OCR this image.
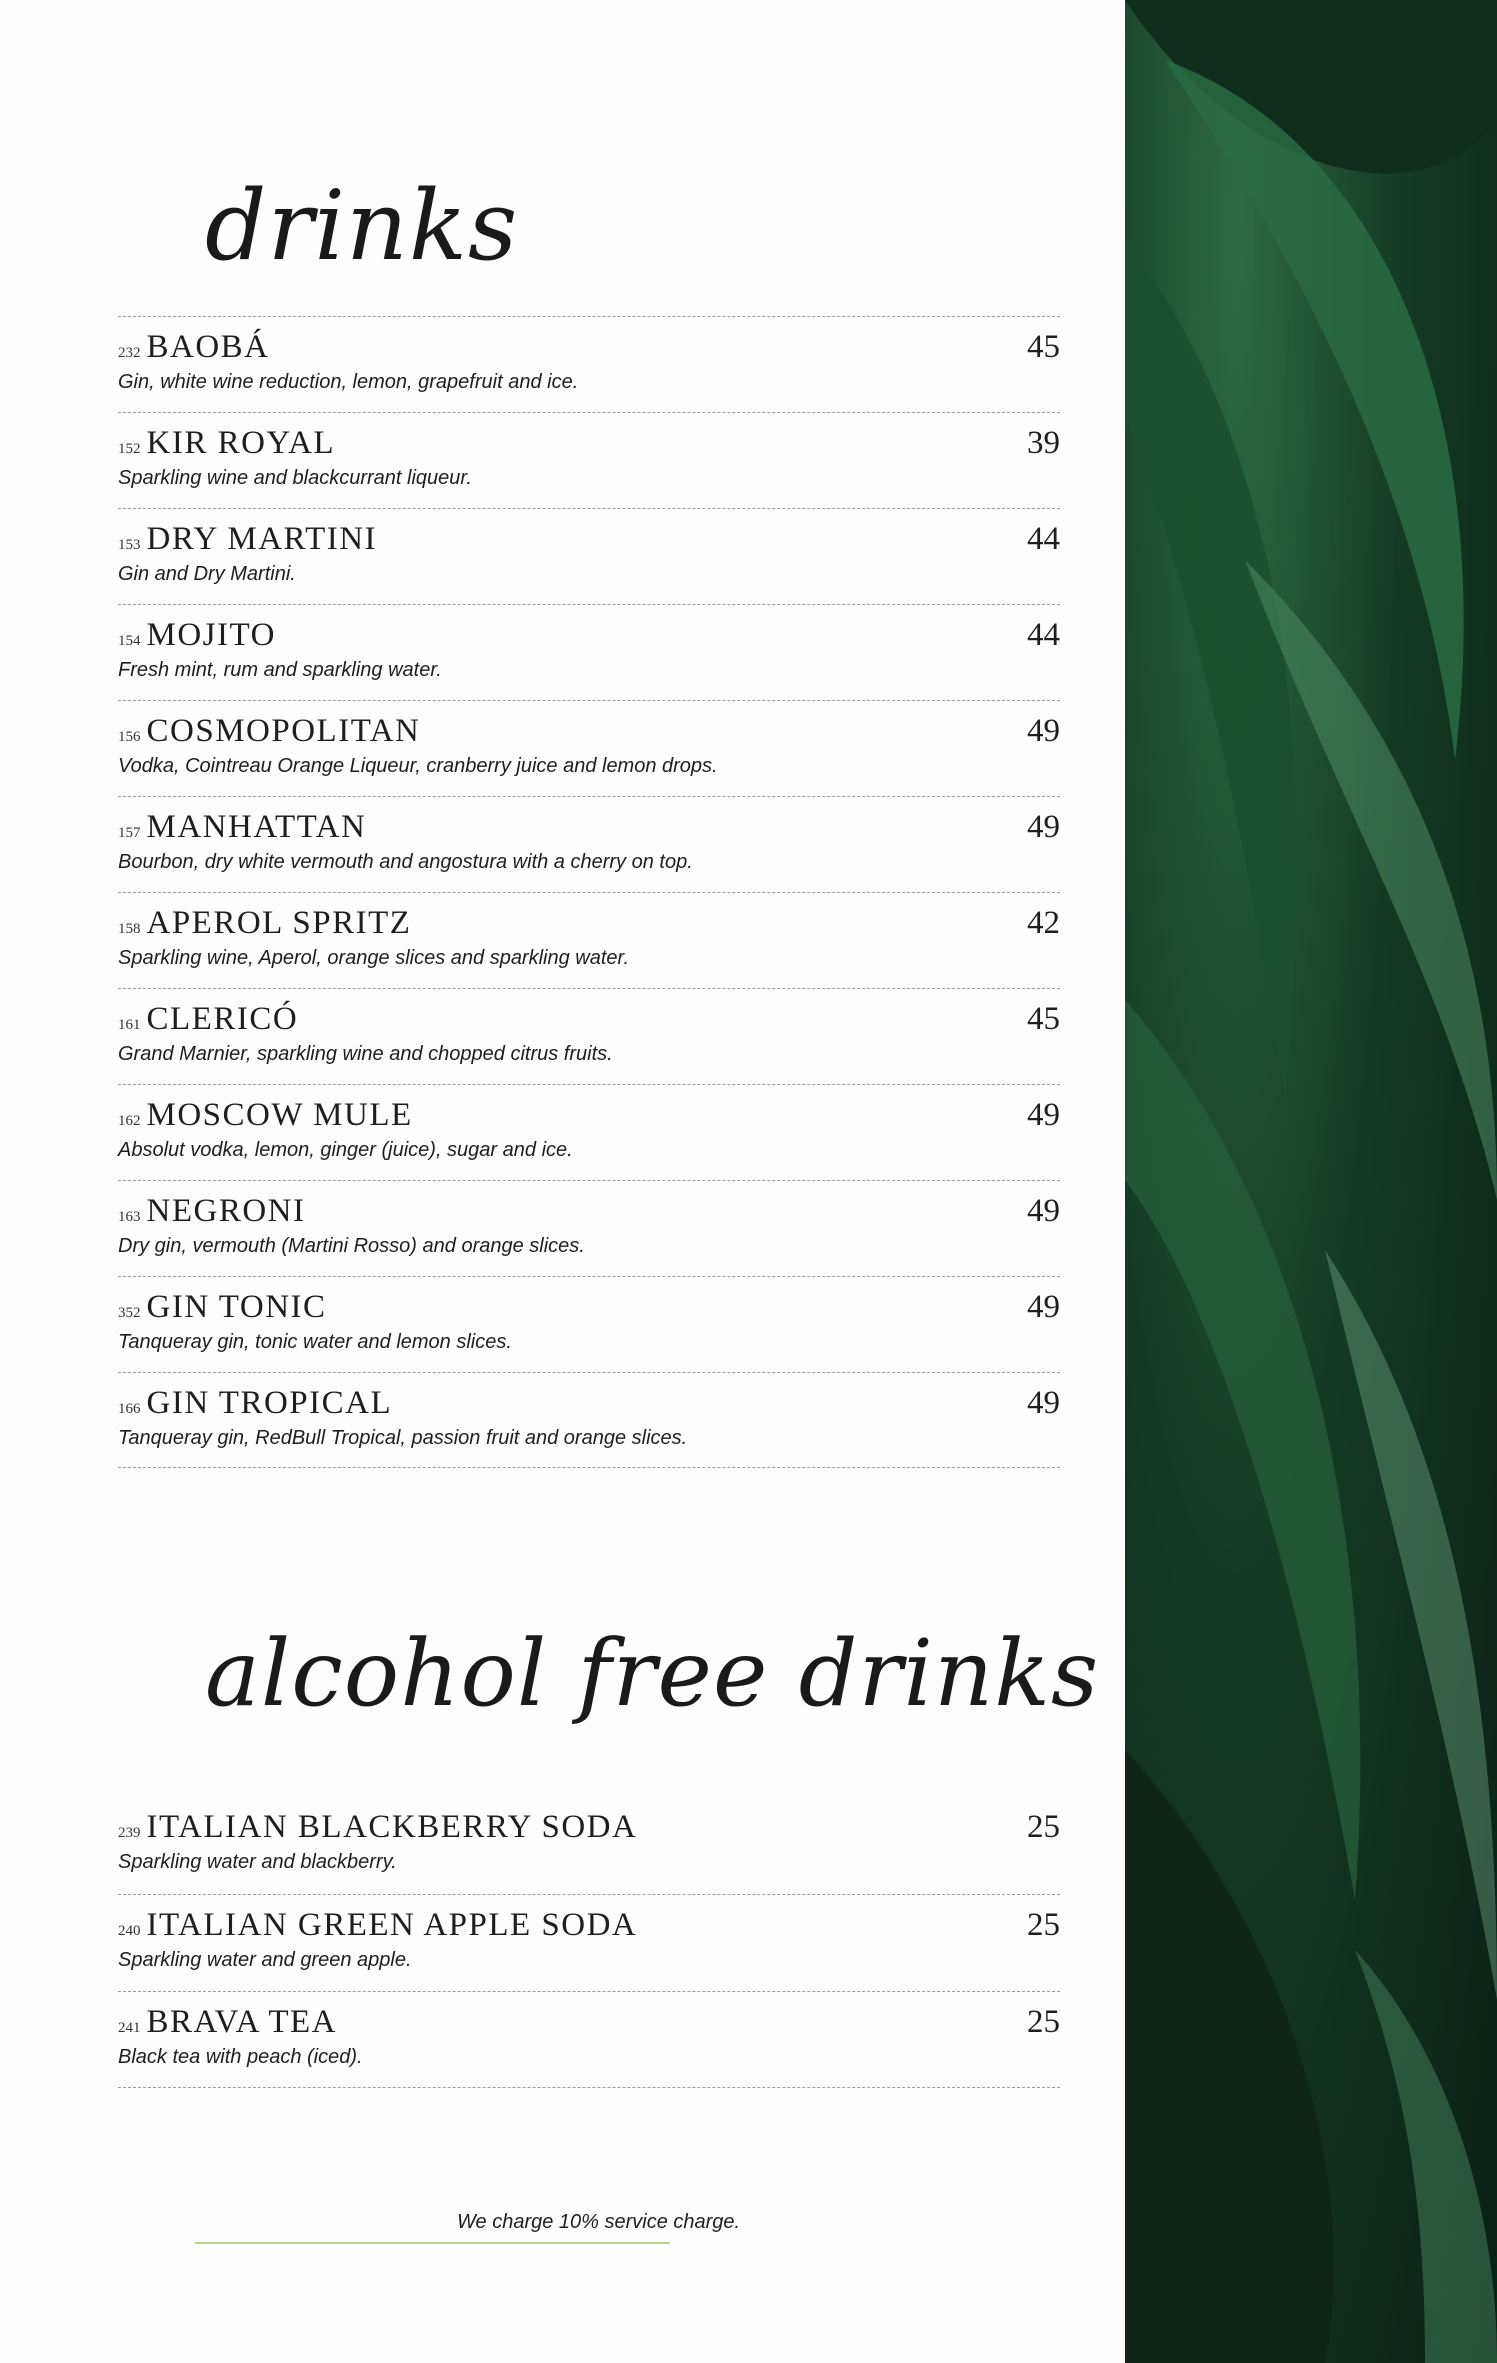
drinks
232 BAOBÁ	45
Gin, white wine reduction, lemon, grapefruit and ice.
152 KIR ROYAL	39
Sparkling wine and blackcurrant liqueur.
153 DRY MARTINI	44
Gin and Dry Martini.
154 MOJITO	44
Fresh mint, rum and sparkling water.
156 COSMOPOLITAN	49
Vodka, Cointreau Orange Liqueur, cranberry juice and lemon drops.
157 MANHATTAN	49
Bourbon, dry white vermouth and angostura with a cherry on top.
158 APEROL SPRITZ	42
Sparkling wine, Aperol, orange slices and sparkling water.
161 CLERICÓ	45
Grand Marnier, sparkling wine and chopped citrus fruits.
162 MOSCOW MULE	49
Absolut vodka, lemon, ginger (juice), sugar and ice.
163 NEGRONI	49
Dry gin, vermouth (Martini Rosso) and orange slices.
352 GIN TONIC	49
Tanqueray gin, tonic water and lemon slices.
166 GIN TROPICAL	49
Tanqueray gin, RedBull Tropical, passion fruit and orange slices.
alcohol free drinks
239 ITALIAN BLACKBERRY SODA	25
Sparkling water and blackberry.
240 ITALIAN GREEN APPLE SODA	25
Sparkling water and green apple.
241 BRAVA TEA	25
Black tea with peach (iced).
We charge 10% service charge.
